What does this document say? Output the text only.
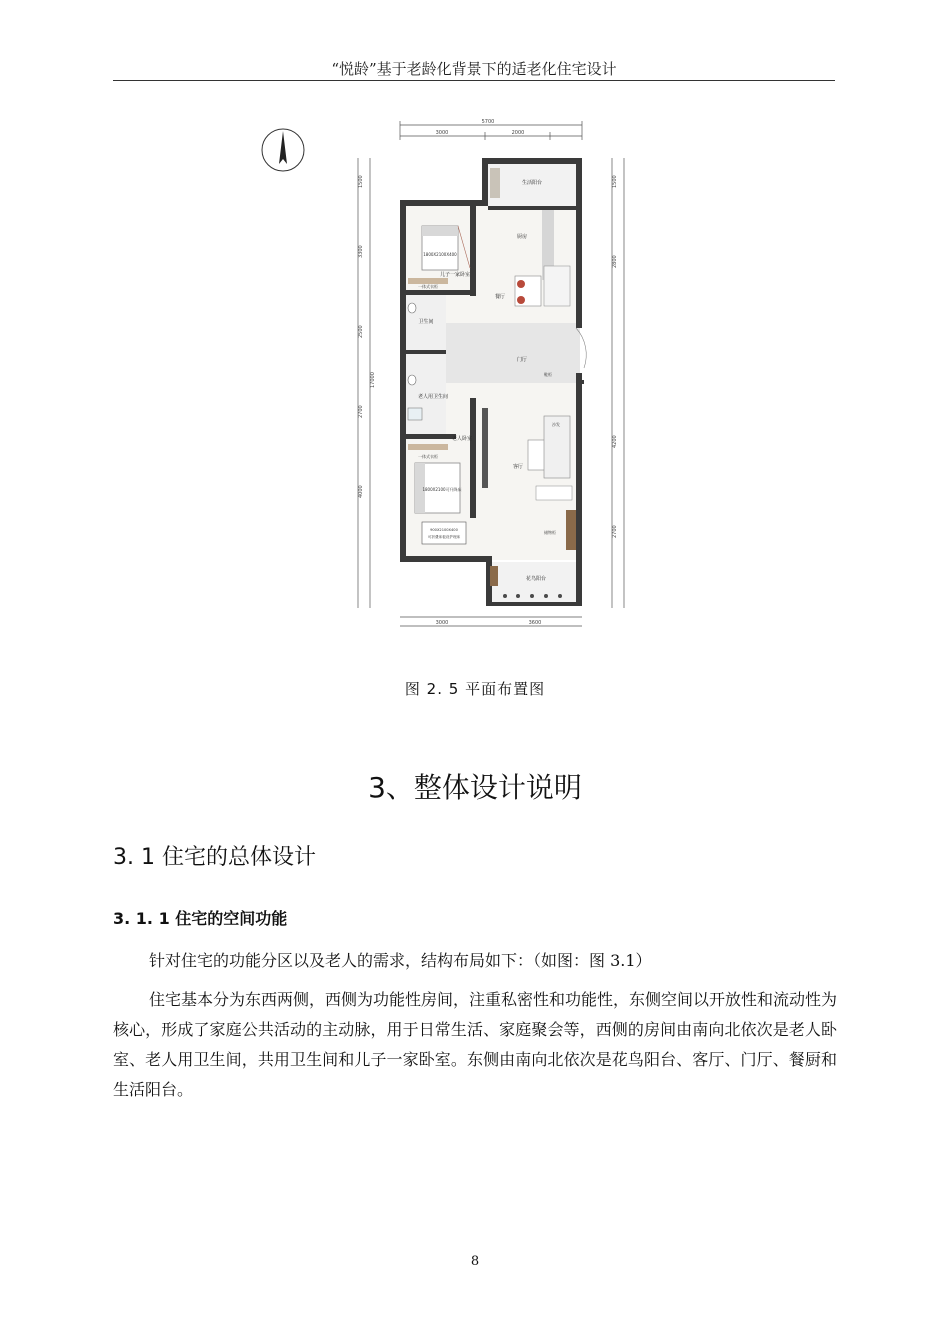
“悦龄”基于老龄化背景下的适老化住宅设计
5700
3000	2000
3000	3600
1500
3300
2500
2700
4000
17000
1500
2800
4200
2700
1800X2100X400
儿子一家卧室
一体式衣柜
卫生间
老人用卫生间
一体式衣柜
1800X2100可升降床
900X2100X400
可折叠床板设护理床
老人卧室
厨房
餐厅
生活阳台
门厅
鞋柜
沙发
客厅
储物柜
花鸟阳台
图 2. 5 平面布置图
3、整体设计说明
3. 1 住宅的总体设计
3. 1. 1 住宅的空间功能
针对住宅的功能分区以及老人的需求，结构布局如下：（如图：图 3.1）
住宅基本分为东西两侧，西侧为功能性房间，注重私密性和功能性，东侧空间以开放性和流动性为核心，形成了家庭公共活动的主动脉，用于日常生活、家庭聚会等，西侧的房间由南向北依次是老人卧室、老人用卫生间，共用卫生间和儿子一家卧室。东侧由南向北依次是花鸟阳台、客厅、门厅、餐厨和生活阳台。
8
